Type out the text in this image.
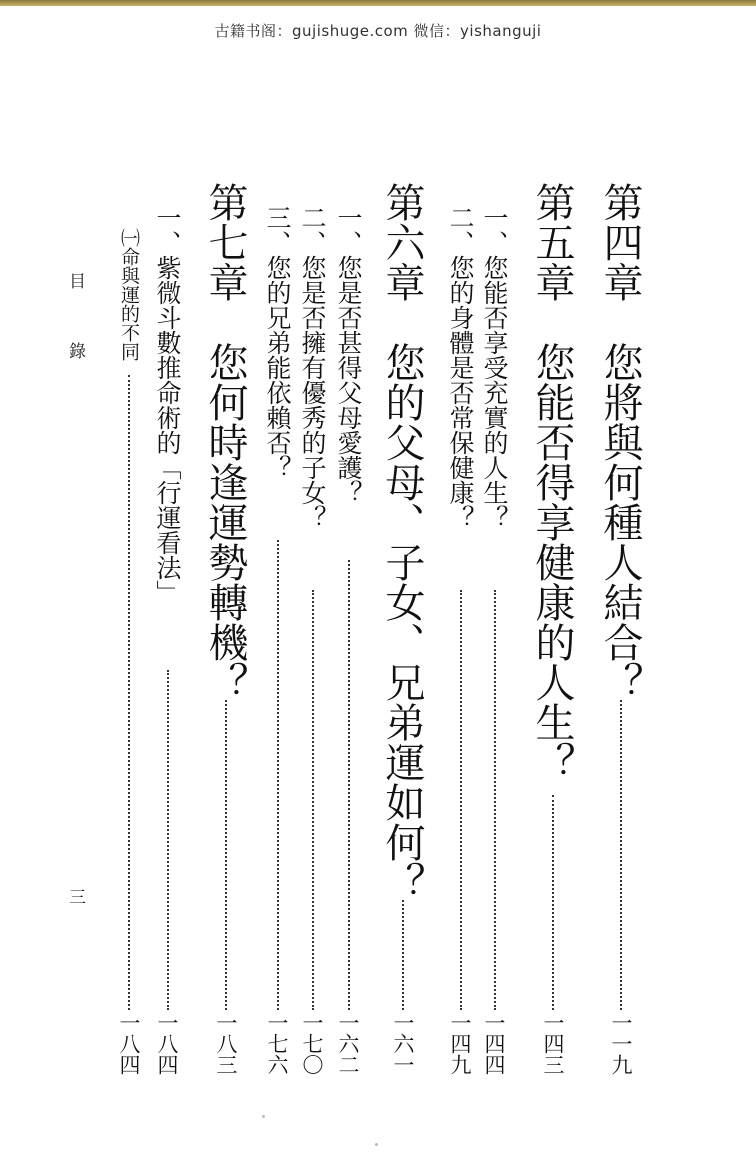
古籍书阁：gujishuge.com 微信：yishanguji
第四章　您將與何種人結合？
一一九
第五章　您能否得享健康的人生？
一四三
一、您能否享受充實的人生？
一四四
二、您的身體是否常保健康？
一四九
第六章　您的父母、子女、兄弟運如何？
一六一
一、您是否甚得父母愛護？
一六二
二、您是否擁有優秀的子女？
一七〇
三、您的兄弟能依賴否？
一七六
第七章　您何時逢運勢轉機？
一八三
一、紫微斗數推命術的「行運看法」
一八四
㈠命與運的不同
一八四
目　錄
三
